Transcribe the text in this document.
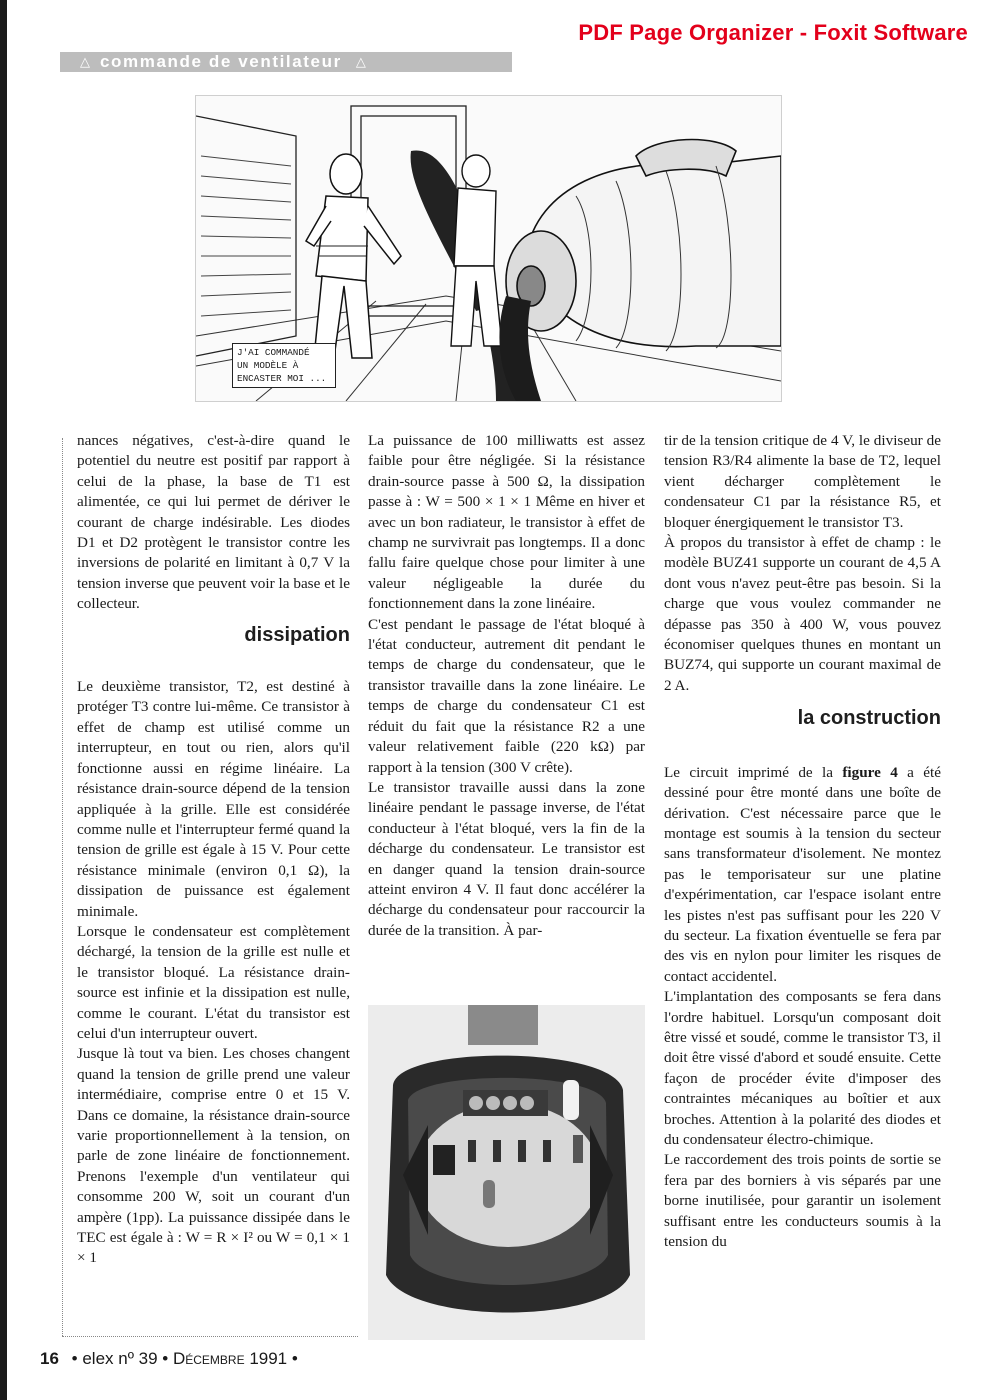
PDF Page Organizer - Foxit Software
△ commande de ventilateur	△
J'AI COMMANDÉ
UN MODÈLE À
ENCASTER MOI ...

nances négatives, c'est-à-dire quand le potentiel du neutre est positif par rapport à celui de la phase, la base de T1 est alimentée, ce qui lui permet de dériver le courant de charge indésirable. Les diodes D1 et D2 protègent le transistor contre les inversions de polarité en limitant à 0,7 V la tension inverse que peuvent voir la base et le collecteur.

dissipation

Le deuxième transistor, T2, est destiné à protéger T3 contre lui-même. Ce transistor à effet de champ est utilisé comme un interrupteur, en tout ou rien, alors qu'il fonctionne aussi en régime linéaire. La résistance drain-source dépend de la tension appliquée à la grille. Elle est considérée comme nulle et l'interrupteur fermé quand la tension de grille est égale à 15 V. Pour cette résistance minimale (environ 0,1 Ω), la dissipation de puissance est également minimale.

Lorsque le condensateur est complètement déchargé, la tension de la grille est nulle et le transistor bloqué. La résistance drain-source est infinie et la dissipation est nulle, comme le courant. L'état du transistor est celui d'un interrupteur ouvert.

Jusque là tout va bien. Les choses changent quand la tension de grille prend une valeur intermédiaire, comprise entre 0 et 15 V. Dans ce domaine, la résistance drain-source varie proportionnellement à la tension, on parle de zone linéaire de fonctionnement. Prenons l'exemple d'un ventilateur qui consomme 200 W, soit un courant d'un ampère (1pp). La puissance dissipée dans le TEC est égale à : W = R × I² ou W = 0,1 × 1 × 1

La puissance de 100 milliwatts est assez faible pour être négligée. Si la résistance drain-source passe à 500 Ω, la dissipation passe à : W = 500 × 1 × 1 Même en hiver et avec un bon radiateur, le transistor à effet de champ ne survivrait pas longtemps. Il a donc fallu faire quelque chose pour limiter à une valeur négligeable la durée du fonctionnement dans la zone linéaire.

C'est pendant le passage de l'état bloqué à l'état conducteur, autrement dit pendant le temps de charge du condensateur, que le transistor travaille dans la zone linéaire. Le temps de charge du condensateur C1 est réduit du fait que la résistance R2 a une valeur relativement faible (220 kΩ) par rapport à la tension (300 V crête).

Le transistor travaille aussi dans la zone linéaire pendant le passage inverse, de l'état conducteur à l'état bloqué, vers la fin de la décharge du condensateur. Le transistor est en danger quand la tension drain-source atteint environ 4 V. Il faut donc accélérer la décharge du condensateur pour raccourcir la durée de la transition. À par-

tir de la tension critique de 4 V, le diviseur de tension R3/R4 alimente la base de T2, lequel vient décharger complètement le condensateur C1 par la résistance R5, et bloquer énergiquement le transistor T3.

À propos du transistor à effet de champ : le modèle BUZ41 supporte un courant de 4,5 A dont vous n'avez peut-être pas besoin. Si la charge que vous voulez commander ne dépasse pas 350 à 400 W, vous pouvez économiser quelques thunes en montant un BUZ74, qui supporte un courant maximal de 2 A.

la construction

Le circuit imprimé de la figure 4 a été dessiné pour être monté dans une boîte de dérivation. C'est nécessaire parce que le montage est soumis à la tension du secteur sans transformateur d'isolement. Ne montez pas le temporisateur sur une platine d'expérimentation, car l'espace isolant entre les pistes n'est pas suffisant pour les 220 V du secteur. La fixation éventuelle se fera par des vis en nylon pour limiter les risques de contact accidentel.

L'implantation des composants se fera dans l'ordre habituel. Lorsqu'un composant doit être vissé et soudé, comme le transistor T3, il doit être vissé d'abord et soudé ensuite. Cette façon de procéder évite d'imposer des contraintes mécaniques au boîtier et aux broches. Attention à la polarité des diodes et du condensateur électro-chimique.

Le raccordement des trois points de sortie se fera par des borniers à vis séparés par une borne inutilisée, pour garantir un isolement suffisant entre les conducteurs soumis à la tension du

16 • elex nº 39 • Décembre 1991 •
